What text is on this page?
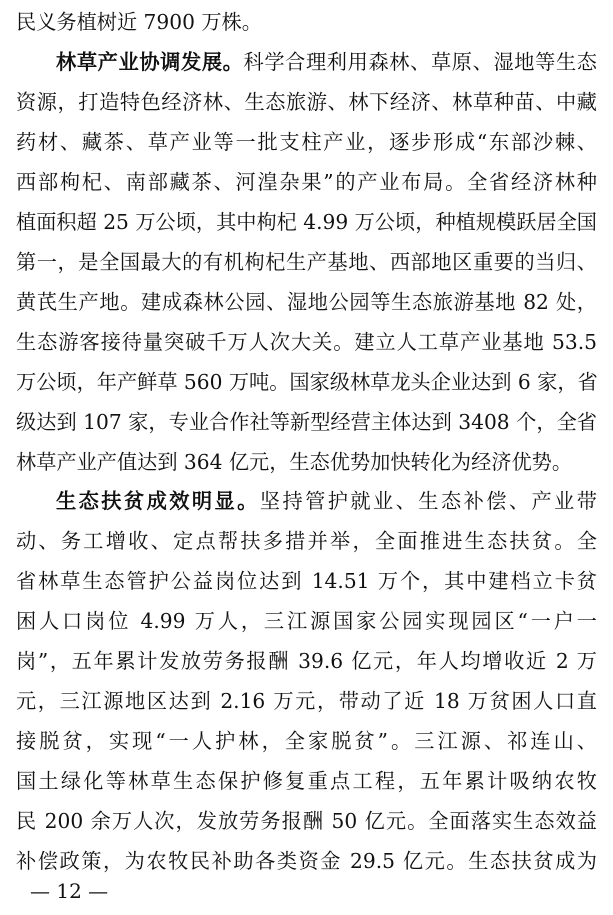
民义务植树近 7900 万株。
林草产业协调发展。科学合理利用森林、草原、湿地等生态
资源，打造特色经济林、生态旅游、林下经济、林草种苗、中藏
药材、藏茶、草产业等一批支柱产业，逐步形成“东部沙棘、
西部枸杞、南部藏茶、河湟杂果”的产业布局。全省经济林种
植面积超 25 万公顷，其中枸杞 4.99 万公顷，种植规模跃居全国
第一，是全国最大的有机枸杞生产基地、西部地区重要的当归、
黄芪生产地。建成森林公园、湿地公园等生态旅游基地 82 处，
生态游客接待量突破千万人次大关。建立人工草产业基地 53.5
万公顷，年产鲜草 560 万吨。国家级林草龙头企业达到 6 家，省
级达到 107 家，专业合作社等新型经营主体达到 3408 个，全省
林草产业产值达到 364 亿元，生态优势加快转化为经济优势。
生态扶贫成效明显。坚持管护就业、生态补偿、产业带
动、务工增收、定点帮扶多措并举，全面推进生态扶贫。全
省林草生态管护公益岗位达到 14.51 万个，其中建档立卡贫
困人口岗位 4.99 万人，三江源国家公园实现园区“一户一
岗”，五年累计发放劳务报酬 39.6 亿元，年人均增收近 2 万
元，三江源地区达到 2.16 万元，带动了近 18 万贫困人口直
接脱贫，实现“一人护林，全家脱贫”。三江源、祁连山、
国土绿化等林草生态保护修复重点工程，五年累计吸纳农牧
民 200 余万人次，发放劳务报酬 50 亿元。全面落实生态效益
补偿政策，为农牧民补助各类资金 29.5 亿元。生态扶贫成为
— 12 —
